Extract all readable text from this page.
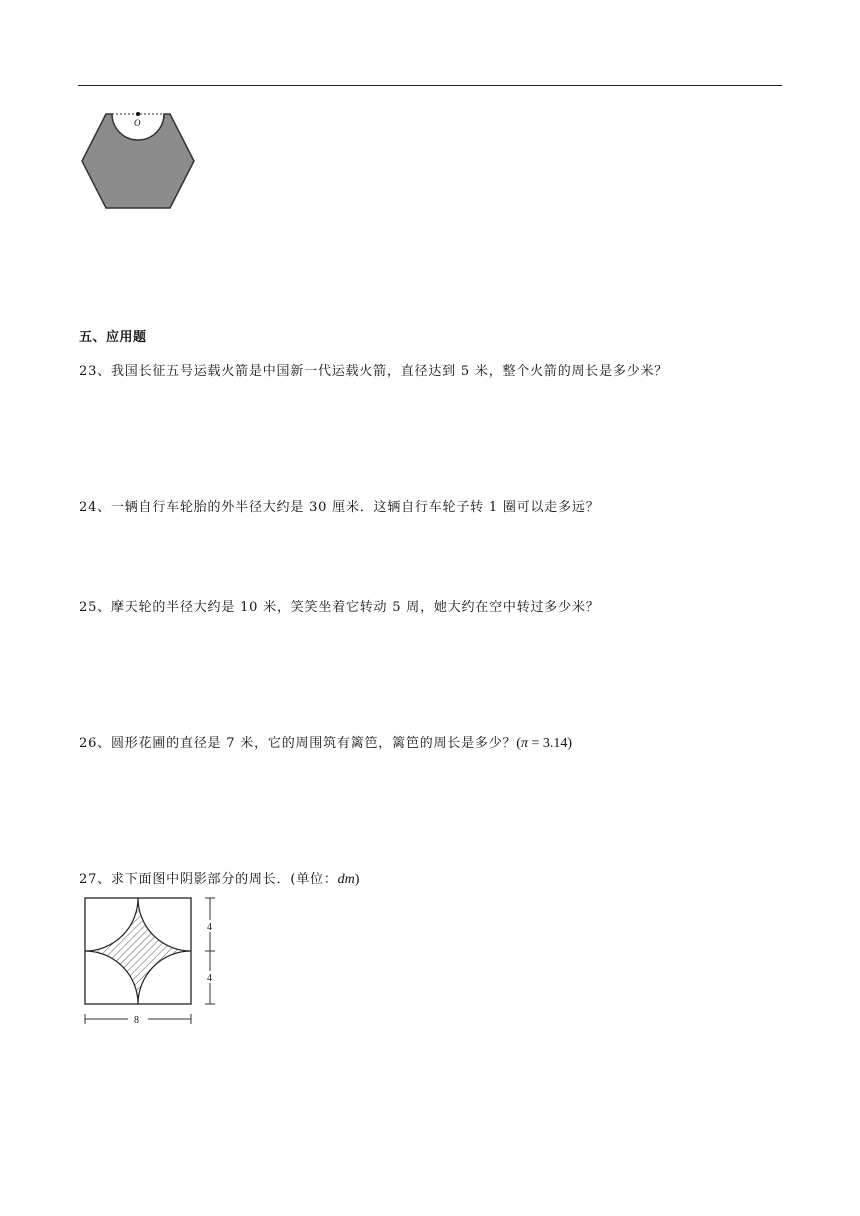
O
五、应用题
23、我国长征五号运载火箭是中国新一代运载火箭，直径达到 5 米，整个火箭的周长是多少米？
24、一辆自行车轮胎的外半径大约是 30 厘米．这辆自行车轮子转 1 圈可以走多远？
25、摩天轮的半径大约是 10 米，笑笑坐着它转动 5 周，她大约在空中转过多少米？
26、圆形花圃的直径是 7 米，它的周围筑有篱笆，篱笆的周长是多少？(π = 3.14)
27、求下面图中阴影部分的周长．(单位：dm)
4
4
8
